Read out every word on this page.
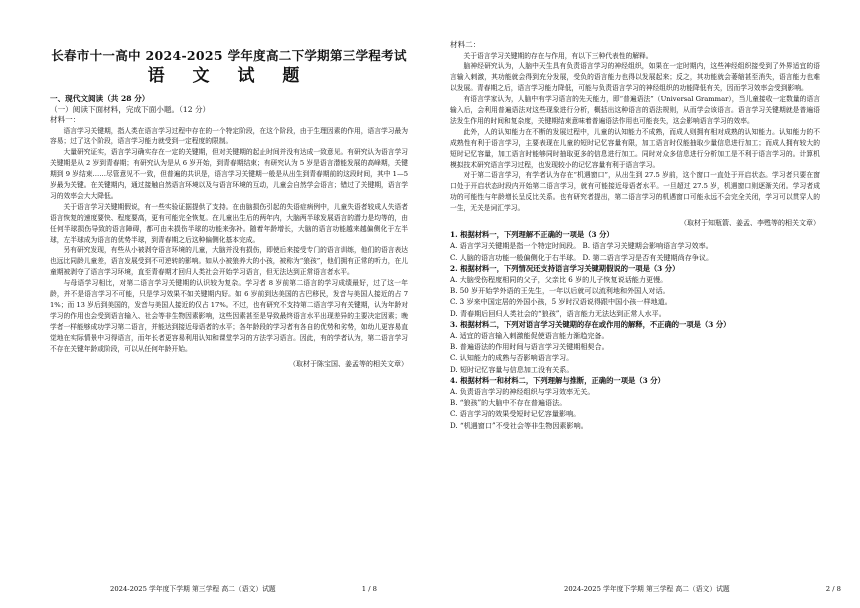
长春市十一高中 2024-2025 学年度高二下学期第三学程考试

语 文 试 题

一、现代文阅读（共 28 分）

（一）阅读下面材料，完成下面小题。（12 分）

材料一：

语言学习关键期，指人类在语言学习过程中存在的一个特定阶段，在这个阶段，由于生理因素的作用，语言学习最为容易；过了这个阶段，语言学习能力就受到一定程度的限制。

大量研究证实，语言学习确实存在一定的关键期，但对关键期的起止时间并没有达成一致意见。有研究认为语言学习关键期是从 2 岁到青春期；有研究认为是从 6 岁开始，到青春期结束；有研究认为 5 岁是语言潜能发展的高峰期，关键期到 9 岁结束……尽管意见不一致，但普遍的共识是，语言学习关键期一般是从出生到青春期前的这段时间，其中 1—5 岁最为关键。在关键期内，通过接触自然语言环境以及与语言环境的互动，儿童会自然学会语言；错过了关键期，语言学习的效率会大大降低。

关于语言学习关键期假说，有一些实验证据提供了支持。在由脑损伤引起的失语症病例中，儿童失语者较成人失语者语言恢复的速度要快、程度要高，更有可能完全恢复。在儿童出生后的两年内，大脑两半球发展语言的潜力是均等的，由任何半球损伤导致的语言障碍，都可由未损伤半球的功能来弥补。随着年龄增长，大脑的语言功能越来越偏侧化于左半球，左半球成为语言的优势半球，到青春期之后这种偏侧化基本完成。

另有研究发现，有些从小被剥夺语言环境的儿童，大脑并没有损伤，即使后来接受专门的语言训练，他们的语言表达也远比同龄儿童差，语言发展受到不可逆转的影响。如从小被狼养大的小孩，被称为“狼孩”，他们拥有正常的听力，在儿童期被剥夺了语言学习环境，直至青春期才回归人类社会开始学习语言，但无法达到正常语言者水平。

与母语学习相比，对第二语言学习关键期的认识较为复杂。学习者 8 岁前第二语言的学习成绩最好，过了这一年龄，并不是语言学习不可能，只是学习效果不如关键期内好。如 6 岁前到达美国的古巴移民，发音与美国人接近的占 71%；而 13 岁后到美国的，发音与美国人接近的仅占 17%。不过，也有研究不支持第二语言学习有关键期，认为年龄对学习的作用也会受到语言输入、社会等非生物因素影响，这些因素甚至是导致最终语言水平出现差异的主要决定因素；晚学者一样能够成功学习第二语言，并能达到接近母语者的水平；各年龄段的学习者有各自的优势和劣势，如幼儿更容易直觉地在实际情景中习得语言，而年长者更容易利用认知和课堂学习的方法学习语言。因此，有的学者认为，第二语言学习不存在关键年龄或阶段，可以从任何年龄开始。

（取材于陈宝国、姜孟等的相关文章）

2024-2025 学年度下学期 第三学程 高二（语文）试题	1 / 8

材料二：

关于语言学习关键期的存在与作用，有以下三种代表性的解释。

脑神经研究认为，人脑中天生具有负责语言学习的神经组织，如果在一定时期内，这些神经组织接受到了外界适宜的语言输入刺激，其功能就会得到充分发展，受负的语言能力也得以发展起来；反之，其功能就会萎缩甚至消失，语言能力也难以发展。青春期之后，语言学习能力降低，可能与负责语言学习的神经组织的功能降低有关，因而学习效率会受到影响。

有语言学家认为，人脑中有学习语言的先天能力，即“普遍语法”（Universal Grammar），当儿童接收一定数量的语言输入后，会利用普遍语法对这些现象进行分析，概括出这种语言的语法规则，从而学会该语言。语言学习关键期就是普遍语法发生作用的时间和复杂度，关键期结束意味着普遍语法作用也可能丧失，这会影响语言学习的效率。

此外，人的认知能力在不断的发展过程中，儿童的认知能力不成熟，而成人则拥有相对成熟的认知能力。认知能力的不成熟性有利于语言学习，主要表现在儿童的短时记忆容量有限，加工语言时仅能抽取少量信息进行加工；而成人拥有较大的短时记忆容量，加工语言时能够同时抽取更多的信息进行加工。同时对众多信息进行分析加工是不利于语言学习的。计算机模拟技术研究语言学习过程，也发现较小的记忆容量有利于语言学习。

对于第二语言学习，有学者认为存在“机遇窗口”，从出生到 27.5 岁前，这个窗口一直处于开启状态。学习者只要在窗口处于开启状态时段内开始第二语言学习，就有可能接近母语者水平。一旦超过 27.5 岁，机遇窗口则逐渐关闭。学习者成功的可能性与年龄增长呈反比关系。也有研究者提出，第二语言学习的机遇窗口可能永远不会完全关闭，学习可以贯穿人的一生，无关是词汇学习。

（取材于知瓶箭、姜孟、李甦等的相关文章）

1. 根据材料一，下列理解不正确的一项是（3 分）

A. 语言学习关键期是指一个特定时间段。 B. 语言学习关键期会影响语言学习效率。

C. 人脑的语言功能一般偏侧化于右半球。 D. 第二语言学习是否有关键期尚存争议。

2. 根据材料一，下列情况还支持语言学习关键期假说的一项是（3 分）

A. 大脑受伤程度相同的父子，父亲比 6 岁的儿子恢复说话能力更慢。

B. 50 岁开始学外语的王先生，一年以后就可以流利地和外国人对话。

C. 3 岁来中国定居的外国小孩，5 岁时汉语说得跟中国小孩一样地道。

D. 青春期后回归人类社会的“狼孩”，语言能力无法达到正常人水平。

3. 根据材料二，下列对语言学习关键期的存在或作用的解释，不正确的一项是（3 分）

A. 适宜的语言输入刺激能促使语言能力渐趋完备。

B. 普遍语法的作用时间与语言学习关键期相契合。

C. 认知能力的成熟与否影响语言学习。

D. 短时记忆容量与信息加工没有关系。

4. 根据材料一和材料二，下列理解与推断，正确的一项是（3 分）

A. 负责语言学习的神经组织与学习效率无关。

B. “狼孩”的大脑中不存在普遍语法。

C. 语言学习的效果受短时记忆容量影响。

D. “机遇窗口”不受社会等非生物因素影响。

2024-2025 学年度下学期 第三学程 高二（语文）试题	2 / 8
